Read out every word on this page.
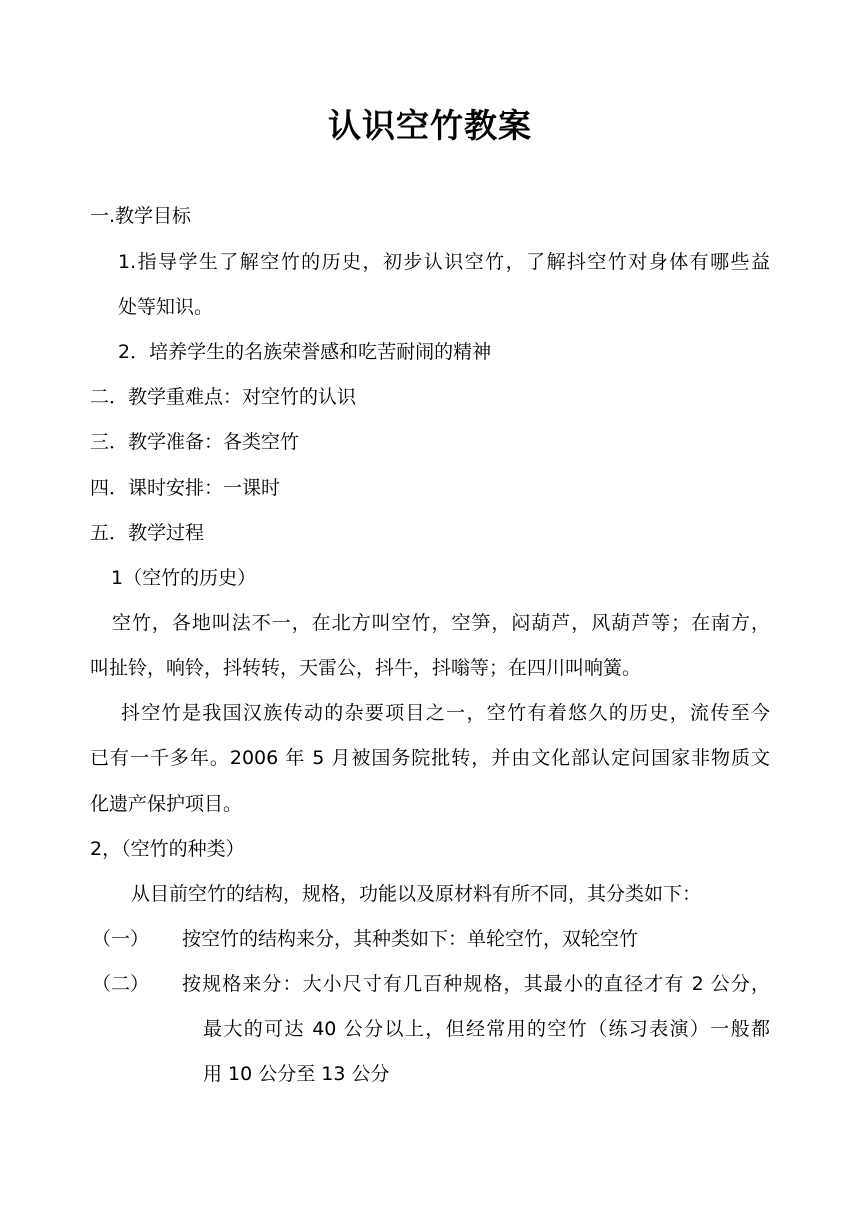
认识空竹教案
一.教学目标
1.指导学生了解空竹的历史，初步认识空竹，了解抖空竹对身体有哪些益
处等知识。
2．培养学生的名族荣誉感和吃苦耐闹的精神
二．教学重难点：对空竹的认识
三．教学准备：各类空竹
四．课时安排：一课时
五．教学过程
1（空竹的历史）
空竹，各地叫法不一，在北方叫空竹，空笋，闷葫芦，风葫芦等；在南方，
叫扯铃，响铃，抖转转，天雷公，抖牛，抖嗡等；在四川叫响簧。
抖空竹是我国汉族传动的杂要项目之一，空竹有着悠久的历史，流传至今
已有一千多年。2006 年 5 月被国务院批转，并由文化部认定问国家非物质文
化遗产保护项目。
2，（空竹的种类）
从目前空竹的结构，规格，功能以及原材料有所不同，其分类如下：
（一） 按空竹的结构来分，其种类如下：单轮空竹，双轮空竹
（二） 按规格来分：大小尺寸有几百种规格，其最小的直径才有 2 公分，
最大的可达 40 公分以上，但经常用的空竹（练习表演）一般都
用 10 公分至 13 公分
